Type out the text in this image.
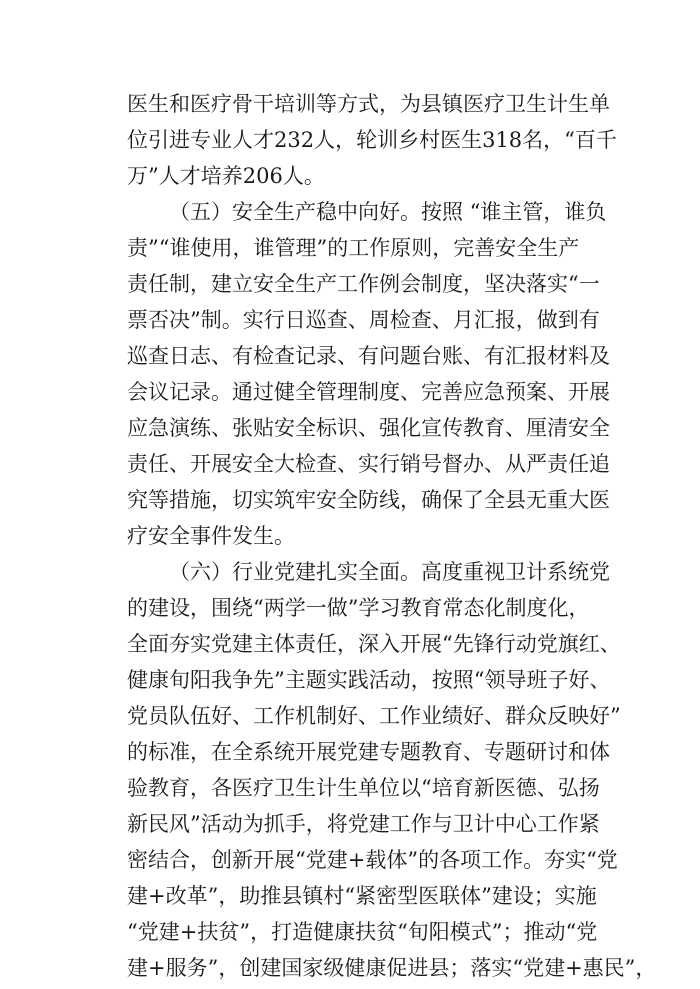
医生和医疗骨干培训等方式，为县镇医疗卫生计生单
位引进专业人才232人，轮训乡村医生318名，“百千
万”人才培养206人。
（五）安全生产稳中向好。按照 “谁主管，谁负
责”“谁使用，谁管理”的工作原则，完善安全生产
责任制，建立安全生产工作例会制度，坚决落实“一
票否决”制。实行日巡查、周检查、月汇报，做到有
巡查日志、有检查记录、有问题台账、有汇报材料及
会议记录。通过健全管理制度、完善应急预案、开展
应急演练、张贴安全标识、强化宣传教育、厘清安全
责任、开展安全大检查、实行销号督办、从严责任追
究等措施，切实筑牢安全防线，确保了全县无重大医
疗安全事件发生。
（六）行业党建扎实全面。高度重视卫计系统党
的建设，围绕“两学一做”学习教育常态化制度化，
全面夯实党建主体责任，深入开展“先锋行动党旗红、
健康旬阳我争先”主题实践活动，按照“领导班子好、
党员队伍好、工作机制好、工作业绩好、群众反映好”
的标准，在全系统开展党建专题教育、专题研讨和体
验教育，各医疗卫生计生单位以“培育新医德、弘扬
新民风”活动为抓手，将党建工作与卫计中心工作紧
密结合，创新开展“党建+载体”的各项工作。夯实“党
建+改革”，助推县镇村“紧密型医联体”建设；实施
“党建+扶贫”，打造健康扶贫“旬阳模式”；推动“党
建+服务”，创建国家级健康促进县；落实“党建+惠民”，
